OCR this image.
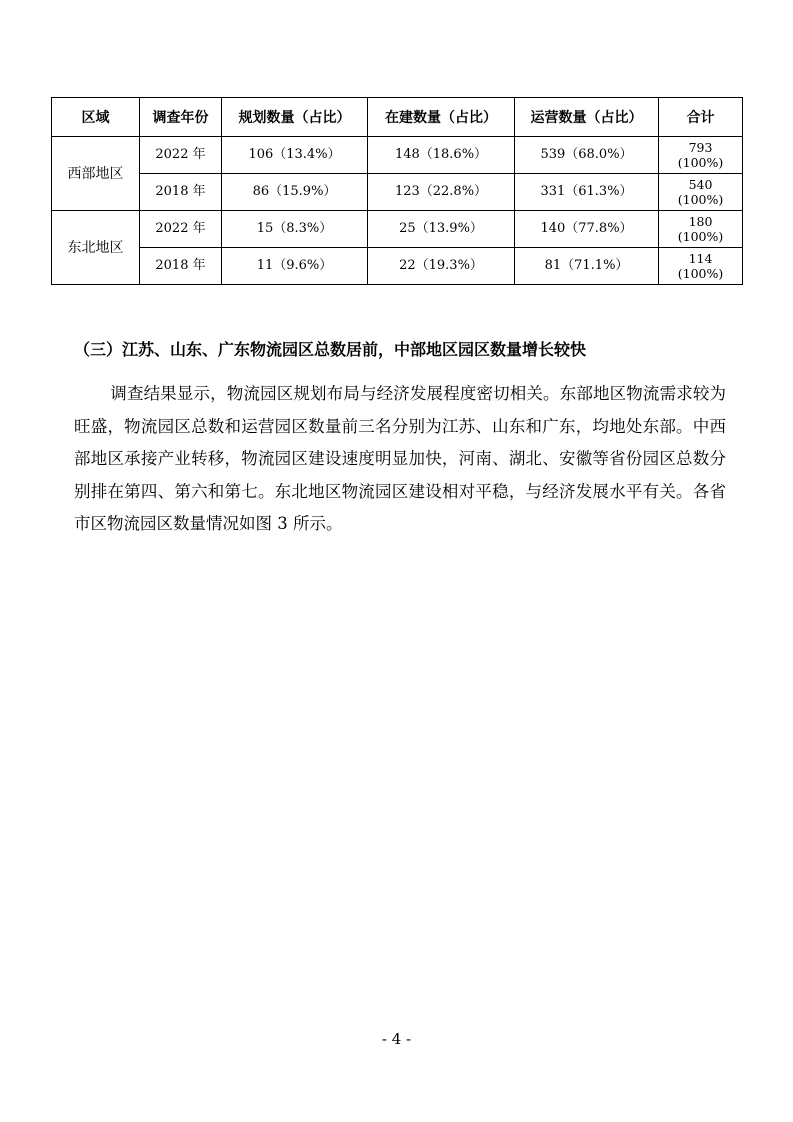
区域	调查年份	规划数量（占比）	在建数量（占比）	运营数量（占比）	合计
西部地区	2022 年	106（13.4%）	148（18.6%）	539（68.0%）	793
(100%)

	2018 年	86（15.9%）	123（22.8%）	331（61.3%）	540
(100%)

东北地区	2022 年	15（8.3%）	25（13.9%）	140（77.8%）	180
(100%)

	2018 年	11（9.6%）	22（19.3%）	81（71.1%）	114
(100%)
（三）江苏、山东、广东物流园区总数居前，中部地区园区数量增长较快

调查结果显示，物流园区规划布局与经济发展程度密切相关。东部地区物流需求较为旺盛，物流园区总数和运营园区数量前三名分别为江苏、山东和广东，均地处东部。中西部地区承接产业转移，物流园区建设速度明显加快，河南、湖北、安徽等省份园区总数分别排在第四、第六和第七。东北地区物流园区建设相对平稳，与经济发展水平有关。各省市区物流园区数量情况如图 3 所示。

- 4 -
